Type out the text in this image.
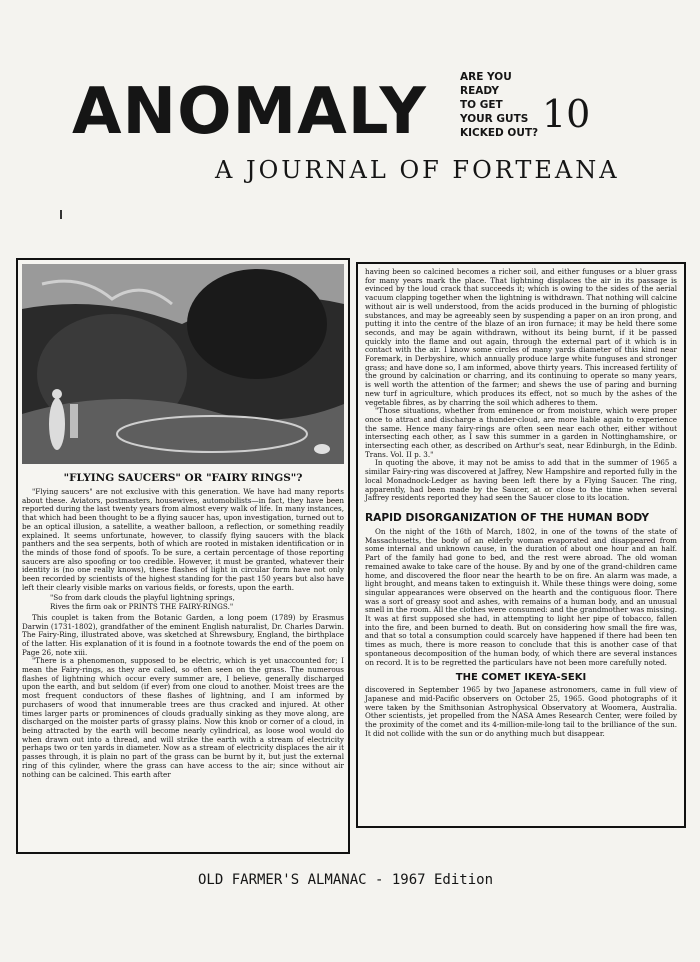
ANOMALY	ARE YOU
READY
TO GET
YOUR GUTS
KICKED OUT? 10
A JOURNAL OF FORTEANA
"FLYING SAUCERS" OR "FAIRY RINGS"?

"Flying saucers" are not exclusive with this generation. We have had many reports about these. Aviators, postmasters, housewives, automobilists—in fact, they have been reported during the last twenty years from almost every walk of life. In many instances, that which had been thought to be a flying saucer has, upon investigation, turned out to be an optical illusion, a satellite, a weather balloon, a reflection, or something readily explained. It seems unfortunate, however, to classify flying saucers with the black panthers and the sea serpents, both of which are rooted in mistaken identification or in the minds of those fond of spoofs. To be sure, a certain percentage of those reporting saucers are also spoofing or too credible. However, it must be granted, whatever their identity is (no one really knows), these flashes of light in circular form have not only been recorded by scientists of the highest standing for the past 150 years but also have left their clearly visible marks on various fields, or forests, upon the earth.

"So from dark clouds the playful lightning springs,
Rives the firm oak or PRINTS THE FAIRY-RINGS."

This couplet is taken from the Botanic Garden, a long poem (1789) by Erasmus Darwin (1731-1802), grandfather of the eminent English naturalist, Dr. Charles Darwin. The Fairy-Ring, illustrated above, was sketched at Shrewsbury, England, the birthplace of the latter. His explanation of it is found in a footnote towards the end of the poem on Page 26, note xiii.

"There is a phenomenon, supposed to be electric, which is yet unaccounted for; I mean the Fairy-rings, as they are called, so often seen on the grass. The numerous flashes of lightning which occur every summer are, I believe, generally discharged upon the earth, and but seldom (if ever) from one cloud to another. Moist trees are the most frequent conductors of these flashes of lightning, and I am informed by purchasers of wood that innumerable trees are thus cracked and injured. At other times larger parts or prominences of clouds gradually sinking as they move along, are discharged on the moister parts of grassy plains. Now this knob or corner of a cloud, in being attracted by the earth will become nearly cylindrical, as loose wool would do when drawn out into a thread, and will strike the earth with a stream of electricity perhaps two or ten yards in diameter. Now as a stream of electricity displaces the air it passes through, it is plain no part of the grass can be burnt by it, but just the external ring of this cylinder, where the grass can have access to the air; since without air nothing can be calcined. This earth after

having been so calcined becomes a richer soil, and either funguses or a bluer grass for many years mark the place. That lightning displaces the air in its passage is evinced by the loud crack that succeeds it; which is owing to the sides of the aerial vacuum clapping together when the lightning is withdrawn. That nothing will calcine without air is well understood, from the acids produced in the burning of phlogistic substances, and may be agreeably seen by suspending a paper on an iron prong, and putting it into the centre of the blaze of an iron furnace; it may be held there some seconds, and may be again withdrawn, without its being burnt, if it be passed quickly into the flame and out again, through the external part of it which is in contact with the air. I know some circles of many yards diameter of this kind near Foremark, in Derbyshire, which annually produce large white funguses and stronger grass; and have done so, I am informed, above thirty years. This increased fertility of the ground by calcination or charring, and its continuing to operate so many years, is well worth the attention of the farmer; and shews the use of paring and burning new turf in agriculture, which produces its effect, not so much by the ashes of the vegetable fibres, as by charring the soil which adheres to them.

"Those situations, whether from eminence or from moisture, which were proper once to attract and discharge a thunder-cloud, are more liable again to experience the same. Hence many fairy-rings are often seen near each other, either without intersecting each other, as I saw this summer in a garden in Nottinghamshire, or intersecting each other, as described on Arthur's seat, near Edinburgh, in the Edinb. Trans. Vol. II p. 3."

In quoting the above, it may not be amiss to add that in the summer of 1965 a similar Fairy-ring was discovered at Jaffrey, New Hampshire and reported fully in the local Monadnock-Ledger as having been left there by a Flying Saucer. The ring, apparently, had been made by the Saucer, at or close to the time when several Jaffrey residents reported they had seen the Saucer close to its location.

RAPID DISORGANIZATION OF THE HUMAN BODY

On the night of the 16th of March, 1802, in one of the towns of the state of Massachusetts, the body of an elderly woman evaporated and disappeared from some internal and unknown cause, in the duration of about one hour and an half. Part of the family had gone to bed, and the rest were abroad. The old woman remained awake to take care of the house. By and by one of the grand-children came home, and discovered the floor near the hearth to be on fire. An alarm was made, a light brought, and means taken to extinguish it. While these things were doing, some singular appearances were observed on the hearth and the contiguous floor. There was a sort of greasy soot and ashes, with remains of a human body, and an unusual smell in the room. All the clothes were consumed: and the grandmother was missing. It was at first supposed she had, in attempting to light her pipe of tobacco, fallen into the fire, and been burned to death. But on considering how small the fire was, and that so total a consumption could scarcely have happened if there had been ten times as much, there is more reason to conclude that this is another case of that spontaneous decomposition of the human body, of which there are several instances on record. It is to be regretted the particulars have not been more carefully noted.

THE COMET IKEYA-SEKI

discovered in September 1965 by two Japanese astronomers, came in full view of Japanese and mid-Pacific observers on October 25, 1965. Good photographs of it were taken by the Smithsonian Astrophysical Observatory at Woomera, Australia. Other scientists, jet propelled from the NASA Ames Research Center, were foiled by the proximity of the comet and its 4-million-mile-long tail to the brilliance of the sun. It did not collide with the sun or do anything much but disappear.

OLD FARMER'S ALMANAC - 1967 Edition
